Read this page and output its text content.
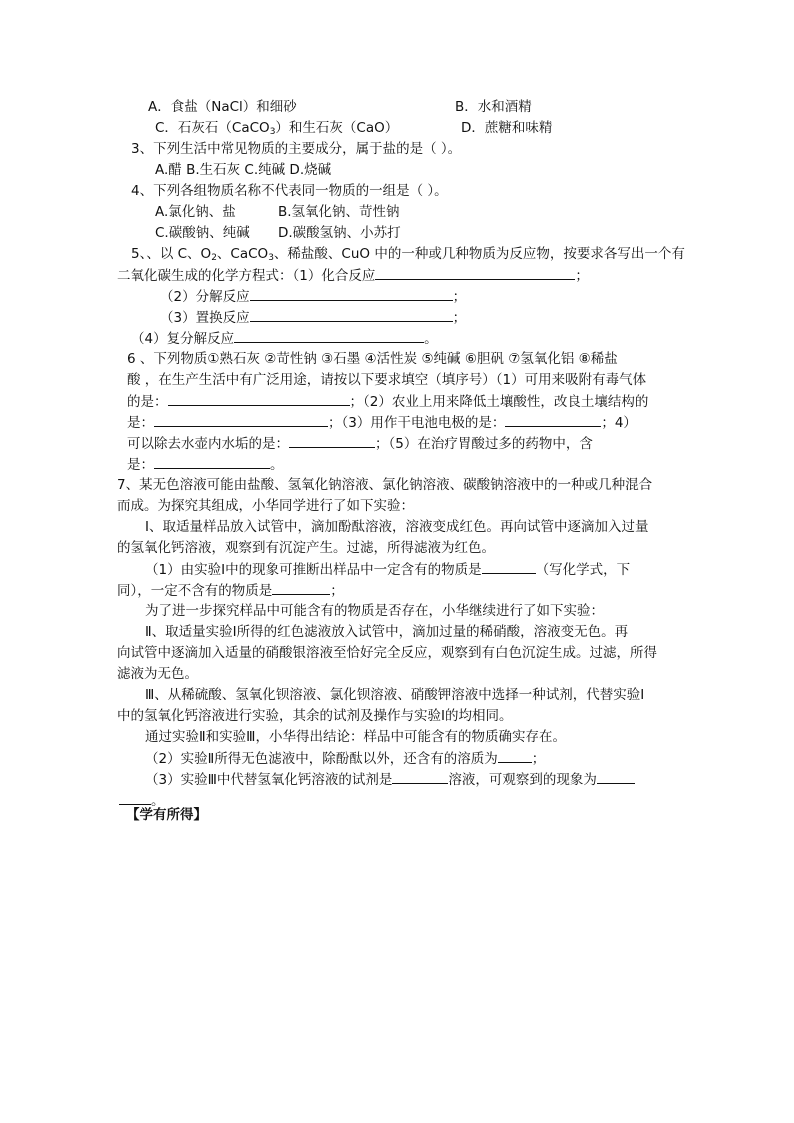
A．食盐（NaCl）和细砂	B．水和酒精
C．石灰石（CaCO$_3$）和生石灰（CaO）	D．蔗糖和味精
3、下列生活中常见物质的主要成分，属于盐的是（ ）。
A.醋 B.生石灰 C.纯碱 D.烧碱
4、下列各组物质名称不代表同一物质的一组是（ ）。
A.氯化钠、盐	B.氢氧化钠、苛性钠
C.碳酸钠、纯碱 D.碳酸氢钠、小苏打
5、、以 C、$O_2$、CaCO$_3$、稀盐酸、CuO 中的一种或几种物质为反应物，按要求各写出一个有
二氧化碳生成的化学方程式：（1）化合反应	；
（2）分解反应	；
（3）置换反应	；
（4）复分解反应	。
6 、下列物质①熟石灰 ②苛性钠 ③石墨 ④活性炭 ⑤纯碱 ⑥胆矾 ⑦氢氧化铝 ⑧稀盐
酸 ，在生产生活中有广泛用途，请按以下要求填空（填序号）（1）可用来吸附有毒气体
的是：	；（2）农业上用来降低土壤酸性，改良土壤结构的
是：	；（3）用作干电池电极的是：	；4）
可以除去水壶内水垢的是：	；（5）在治疗胃酸过多的药物中，含
是：	。
7、某无色溶液可能由盐酸、氢氧化钠溶液、氯化钠溶液、碳酸钠溶液中的一种或几种混合
而成。为探究其组成，小华同学进行了如下实验：
Ⅰ、取适量样品放入试管中，滴加酚酞溶液，溶液变成红色。再向试管中逐滴加入过量
的氢氧化钙溶液，观察到有沉淀产生。过滤，所得滤液为红色。
（1）由实验Ⅰ中的现象可推断出样品中一定含有的物质是	（写化学式，下
同），一定不含有的物质是	；
为了进一步探究样品中可能含有的物质是否存在，小华继续进行了如下实验：
Ⅱ、取适量实验Ⅰ所得的红色滤液放入试管中，滴加过量的稀硝酸，溶液变无色。再
向试管中逐滴加入适量的硝酸银溶液至恰好完全反应，观察到有白色沉淀生成。过滤，所得
滤液为无色。
Ⅲ、从稀硫酸、氢氧化钡溶液、氯化钡溶液、硝酸钾溶液中选择一种试剂，代替实验Ⅰ
中的氢氧化钙溶液进行实验，其余的试剂及操作与实验Ⅰ的均相同。
通过实验Ⅱ和实验Ⅲ，小华得出结论：样品中可能含有的物质确实存在。
（2）实验Ⅱ所得无色滤液中，除酚酞以外，还含有的溶质为	；
（3）实验Ⅲ中代替氢氧化钙溶液的试剂是	溶液，可观察到的现象为
。
【学有所得】
